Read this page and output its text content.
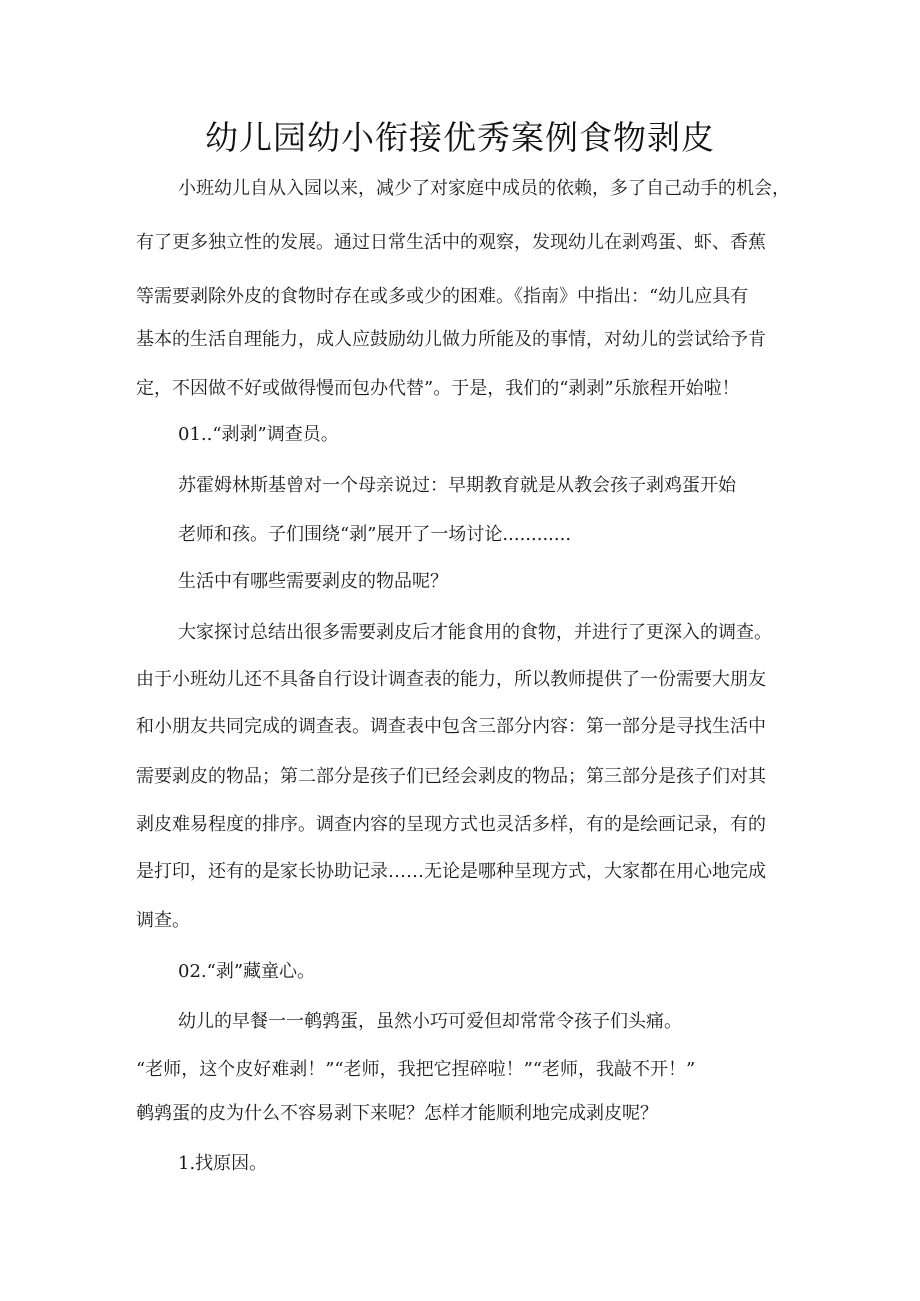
幼儿园幼小衔接优秀案例食物剥皮
小班幼儿自从入园以来，减少了对家庭中成员的依赖，多了自己动手的机会，
有了更多独立性的发展。通过日常生活中的观察，发现幼儿在剥鸡蛋、虾、香蕉
等需要剥除外皮的食物时存在或多或少的困难。《指南》中指出：“幼儿应具有
基本的生活自理能力，成人应鼓励幼儿做力所能及的事情，对幼儿的尝试给予肯
定，不因做不好或做得慢而包办代替”。于是，我们的“剥剥”乐旅程开始啦！
01..“剥剥”调查员。
苏霍姆林斯基曾对一个母亲说过：早期教育就是从教会孩子剥鸡蛋开始
老师和孩。子们围绕“剥”展开了一场讨论............
生活中有哪些需要剥皮的物品呢？
大家探讨总结出很多需要剥皮后才能食用的食物，并进行了更深入的调查。
由于小班幼儿还不具备自行设计调查表的能力，所以教师提供了一份需要大朋友
和小朋友共同完成的调查表。调查表中包含三部分内容：第一部分是寻找生活中
需要剥皮的物品；第二部分是孩子们已经会剥皮的物品；第三部分是孩子们对其
剥皮难易程度的排序。调查内容的呈现方式也灵活多样，有的是绘画记录，有的
是打印，还有的是家长协助记录……无论是哪种呈现方式，大家都在用心地完成
调查。
02.“剥”藏童心。
幼儿的早餐一一鹌鹑蛋，虽然小巧可爱但却常常令孩子们头痛。
“老师，这个皮好难剥！”“老师，我把它捏碎啦！”“老师，我敲不开！”
鹌鹑蛋的皮为什么不容易剥下来呢？怎样才能顺利地完成剥皮呢？
1.找原因。
